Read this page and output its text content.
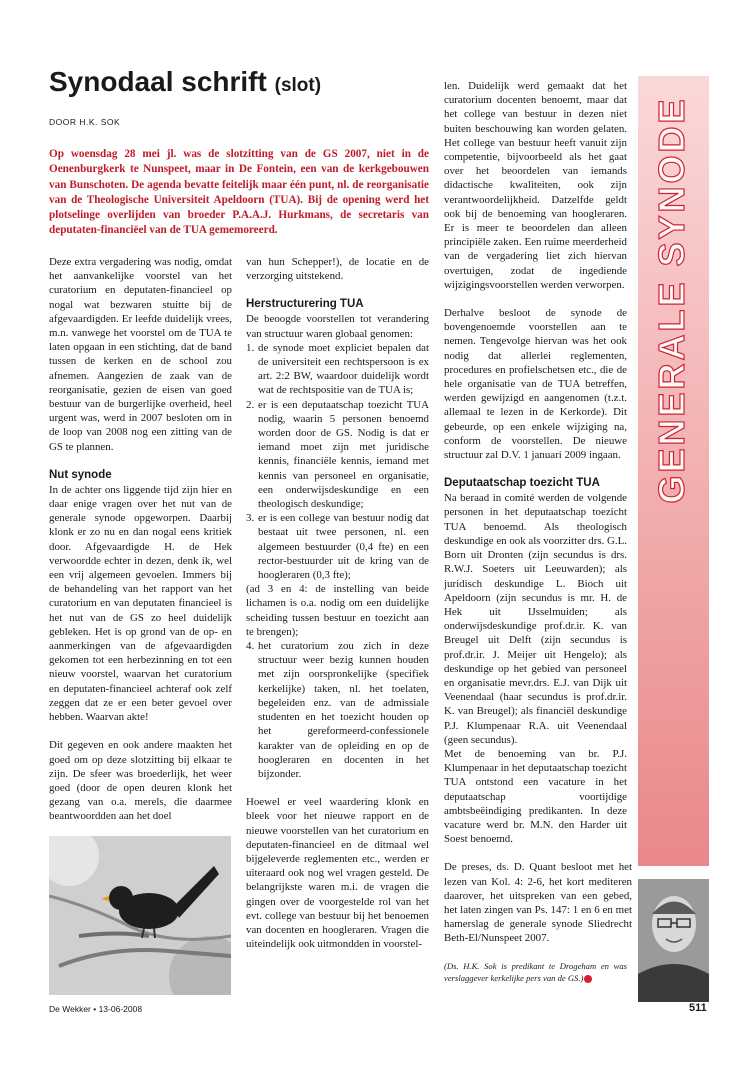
Synodaal schrift (slot)
DOOR H.K. SOK
Op woensdag 28 mei jl. was de slotzitting van de GS 2007, niet in de Oenenburgkerk te Nunspeet, maar in De Fontein, een van de kerkgebouwen van Bunschoten. De agenda bevatte feitelijk maar één punt, nl. de reorganisatie van de Theologische Universiteit Apeldoorn (TUA). Bij de opening werd het plotselinge overlijden van broeder P.A.A.J. Hurkmans, de secretaris van deputaten-financiëel van de TUA gememoreerd.

Deze extra vergadering was nodig, omdat het aanvankelijke voorstel van het curatorium en deputaten-financieel op nogal wat bezwaren stuitte bij de afgevaardigden. Er leefde duidelijk vrees, m.n. vanwege het voorstel om de TUA te laten opgaan in een stichting, dat de band tussen de kerken en de school zou afnemen. Aangezien de zaak van de reorganisatie, gezien de eisen van goed bestuur van de burgerlijke overheid, heel urgent was, werd in 2007 besloten om in de loop van 2008 nog een zitting van de GS te plannen.

Nut synode

In de achter ons liggende tijd zijn hier en daar enige vragen over het nut van de generale synode opgeworpen. Daarbij klonk er zo nu en dan nogal eens kritiek door. Afgevaardigde H. de Hek verwoordde echter in dezen, denk ik, wel een vrij algemeen gevoelen. Immers bij de behandeling van het rapport van het curatorium en van deputaten financieel is het nut van de GS zo heel duidelijk gebleken. Het is op grond van de op- en aanmerkingen van de afgevaardigden gekomen tot een herbezinning en tot een nieuw voorstel, waarvan het curatorium en deputaten-financieel achteraf ook zelf zeggen dat ze er een beter gevoel over hebben. Waarvan akte!

Dit gegeven en ook andere maakten het goed om op deze slotzitting bij elkaar te zijn. De sfeer was broederlijk, het weer goed (door de open deuren klonk het gezang van o.a. merels, die daarmee beantwoordden aan het doel

van hun Schepper!), de locatie en de verzorging uitstekend.

Herstructurering TUA

De beoogde voorstellen tot verandering van structuur waren globaal genomen:

1. de synode moet expliciet bepalen dat de universiteit een rechtspersoon is ex art. 2:2 BW, waardoor duidelijk wordt wat de rechtspositie van de TUA is;
2. er is een deputaatschap toezicht TUA nodig, waarin 5 personen benoemd worden door de GS. Nodig is dat er iemand moet zijn met juridische kennis, financiële kennis, iemand met kennis van personeel en organisatie, een onderwijsdeskundige en een theologisch deskundige;
3. er is een college van bestuur nodig dat bestaat uit twee personen, nl. een algemeen bestuurder (0,4 fte) en een rector-bestuurder uit de kring van de hoogleraren (0,3 fte);

(ad 3 en 4: de instelling van beide lichamen is o.a. nodig om een duidelijke scheiding tussen bestuur en toezicht aan te brengen);

4. het curatorium zou zich in deze structuur weer bezig kunnen houden met zijn oorspronkelijke (specifiek kerkelijke) taken, nl. het toelaten, begeleiden enz. van de admissiale studenten en het toezicht houden op het gereformeerd-confessionele karakter van de opleiding en op de hoogleraren en docenten in het bijzonder.

Hoewel er veel waardering klonk en bleek voor het nieuwe rapport en de nieuwe voorstellen van het curatorium en deputaten-financieel en de ditmaal wel bijgeleverde reglementen etc., werden er uiteraard ook nog wel vragen gesteld. De belangrijkste waren m.i. de vragen die gingen over de voorgestelde rol van het evt. college van bestuur bij het benoemen van docenten en hoogleraren. Vragen die uiteindelijk ook uitmondden in voorstel-

len. Duidelijk werd gemaakt dat het curatorium docenten benoemt, maar dat het college van bestuur in dezen niet buiten beschouwing kan worden gelaten. Het college van bestuur heeft vanuit zijn competentie, bijvoorbeeld als het gaat over het beoordelen van iemands didactische kwaliteiten, ook zijn verantwoordelijkheid. Datzelfde geldt ook bij de benoeming van hoogleraren. Er is meer te beoordelen dan alleen principiële zaken. Een ruime meerderheid van de vergadering liet zich hiervan overtuigen, zodat de ingediende wijzigingsvoorstellen werden verworpen.

Derhalve besloot de synode de bovengenoemde voorstellen aan te nemen. Tengevolge hiervan was het ook nodig dat allerlei reglementen, procedures en profielschetsen etc., die de hele organisatie van de TUA betreffen, werden gewijzigd en aangenomen (t.z.t. allemaal te lezen in de Kerkorde). Dit gebeurde, op een enkele wijziging na, conform de voorstellen. De nieuwe structuur zal D.V. 1 januari 2009 ingaan.

Deputaatschap toezicht TUA

Na beraad in comité werden de volgende personen in het deputaatschap toezicht TUA benoemd. Als theologisch deskundige en ook als voorzitter drs. G.L. Born uit Dronten (zijn secundus is drs. R.W.J. Soeters uit Leeuwarden); als juridisch deskundige L. Bioch uit Apeldoorn (zijn secundus is mr. H. de Hek uit IJsselmuiden; als onderwijsdeskundige prof.dr.ir. K. van Breugel uit Delft (zijn secundus is prof.dr.ir. J. Meijer uit Hengelo); als deskundige op het gebied van personeel en organisatie mevr.drs. E.J. van Dijk uit Veenendaal (haar secundus is prof.dr.ir. K. van Breugel); als financiël deskundige P.J. Klumpenaar R.A. uit Veenendaal (geen secundus).

Met de benoeming van br. P.J. Klumpenaar in het deputaatschap toezicht TUA ontstond een vacature in het deputaatschap voortijdige ambtsbeëindiging predikanten. In deze vacature werd br. M.N. den Harder uit Soest benoemd.

De preses, ds. D. Quant besloot met het lezen van Kol. 4: 2-6, het kort mediteren daarover, het uitspreken van een gebed, het laten zingen van Ps. 147: 1 en 6 en met hamerslag de generale synode Sliedrecht Beth-El/Nunspeet 2007.

(Ds. H.K. Sok is predikant te Drogeham en was verslaggever kerkelijke pers van de GS.)

GENERALE SYNODE
De Wekker • 13-06-2008	511
